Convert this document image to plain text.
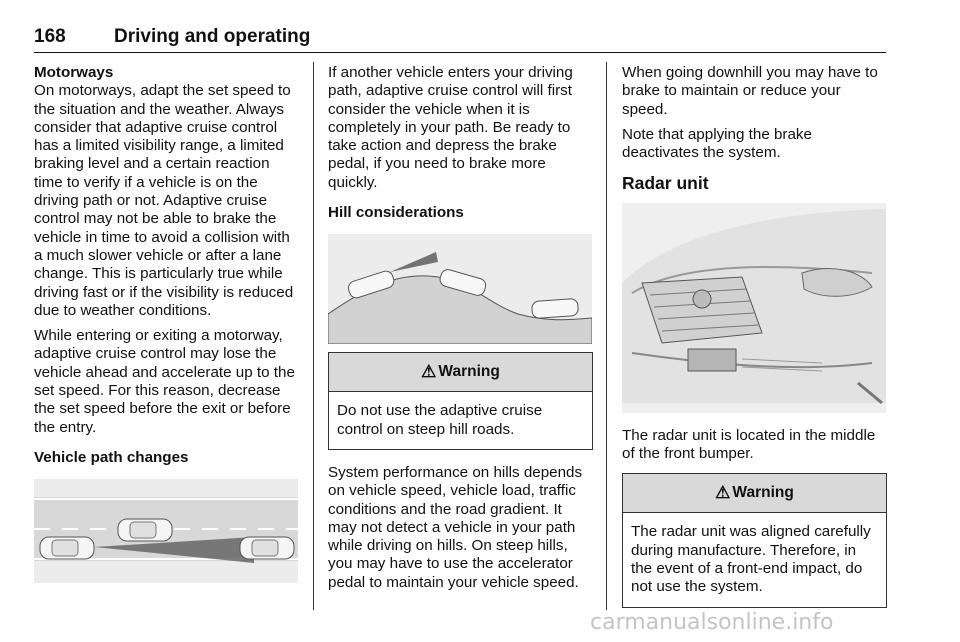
168	Driving and operating
Motorways

On motorways, adapt the set speed to the situation and the weather. Always consider that adaptive cruise control has a limited visibility range, a limited braking level and a certain reaction time to verify if a vehicle is on the driving path or not. Adaptive cruise control may not be able to brake the vehicle in time to avoid a collision with a much slower vehicle or after a lane change. This is particularly true while driving fast or if the visibility is reduced due to weather conditions.

While entering or exiting a motorway, adaptive cruise control may lose the vehicle ahead and accelerate up to the set speed. For this reason, decrease the set speed before the exit or before the entry.

Vehicle path changes

If another vehicle enters your driving path, adaptive cruise control will first consider the vehicle when it is completely in your path. Be ready to take action and depress the brake pedal, if you need to brake more quickly.

Hill considerations
⚠ Warning
Do not use the adaptive cruise control on steep hill roads.

System performance on hills depends on vehicle speed, vehicle load, traffic conditions and the road gradient. It may not detect a vehicle in your path while driving on hills. On steep hills, you may have to use the accelerator pedal to maintain your vehicle speed.

When going downhill you may have to brake to maintain or reduce your speed.

Note that applying the brake deactivates the system.

Radar unit

The radar unit is located in the middle of the front bumper.

⚠ Warning
The radar unit was aligned carefully during manufacture. Therefore, in the event of a front-end impact, do not use the system.
carmanualsonline.info
